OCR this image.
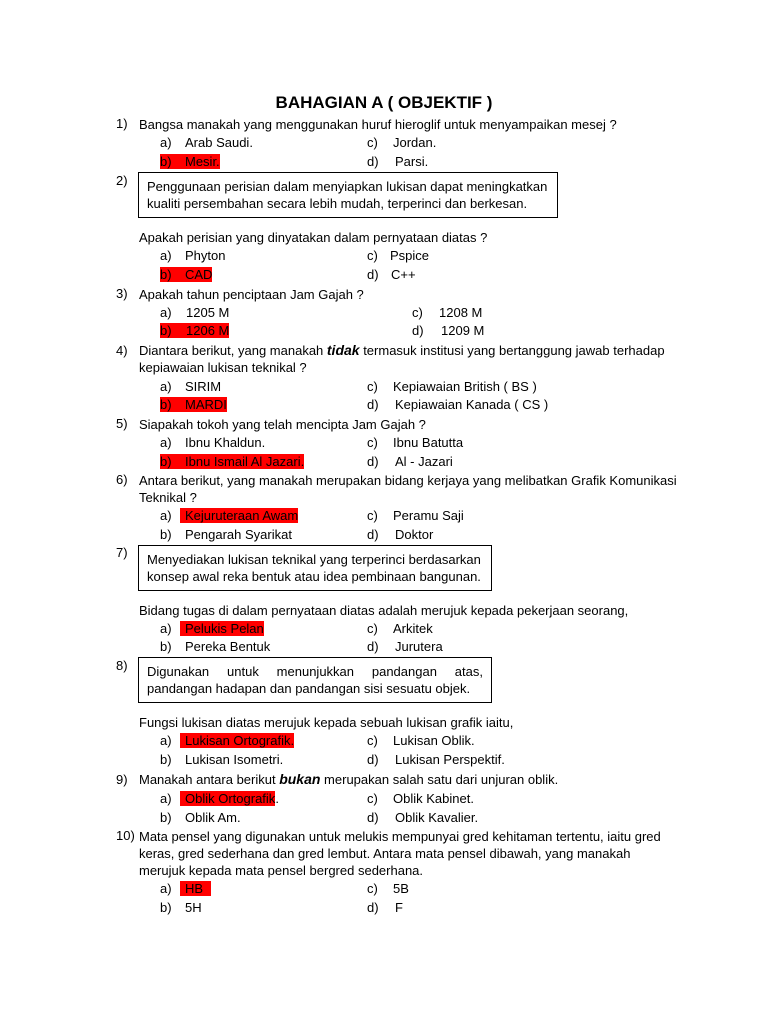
BAHAGIAN A ( OBJEKTIF )
1) Bangsa manakah yang menggunakan huruf hieroglif untuk menyampaikan mesej ?
a) Arab Saudi.
b) Mesir.
c) Jordan.
d) Parsi.
2)	Penggunaan perisian dalam menyiapkan lukisan dapat meningkatkan kualiti persembahan secara lebih mudah, terperinci dan berkesan.
Apakah perisian yang dinyatakan dalam pernyataan diatas ?
a) Phyton
b) CAD
c) Pspice
d) C++
3) Apakah tahun penciptaan Jam Gajah ?
a) 1205 M
b) 1206 M
c) 1208 M
d) 1209 M
4) Diantara berikut, yang manakah tidak termasuk institusi yang bertanggung jawab terhadap kepiawaian lukisan teknikal ?
a) SIRIM
b) MARDI
c) Kepiawaian British ( BS )
d) Kepiawaian Kanada ( CS )
5) Siapakah tokoh yang telah mencipta Jam Gajah ?
a) Ibnu Khaldun.
b) Ibnu Ismail Al Jazari.
c) Ibnu Batutta
d) Al - Jazari
6) Antara berikut, yang manakah merupakan bidang kerjaya yang melibatkan Grafik Komunikasi Teknikal ?
a) Kejuruteraan Awam
b) Pengarah Syarikat
c) Peramu Saji
d) Doktor
7)	Menyediakan lukisan teknikal yang terperinci berdasarkan konsep awal reka bentuk atau idea pembinaan bangunan.
Bidang tugas di dalam pernyataan diatas adalah merujuk kepada pekerjaan seorang,
a) Pelukis Pelan
b) Pereka Bentuk
c) Arkitek
d) Jurutera
8)	Digunakan untuk menunjukkan pandangan atas, pandangan hadapan dan pandangan sisi sesuatu objek.
Fungsi lukisan diatas merujuk kepada sebuah lukisan grafik iaitu,
a) Lukisan Ortografik.
b) Lukisan Isometri.
c) Lukisan Oblik.
d) Lukisan Perspektif.
9) Manakah antara berikut bukan merupakan salah satu dari unjuran oblik.
a) Oblik Ortografik.
b) Oblik Am.
c) Oblik Kabinet.
d) Oblik Kavalier.
10) Mata pensel yang digunakan untuk melukis mempunyai gred kehitaman tertentu, iaitu gred keras, gred sederhana dan gred lembut. Antara mata pensel dibawah, yang manakah merujuk kepada mata pensel bergred sederhana.
a) HB
b) 5H
c) 5B
d) F
